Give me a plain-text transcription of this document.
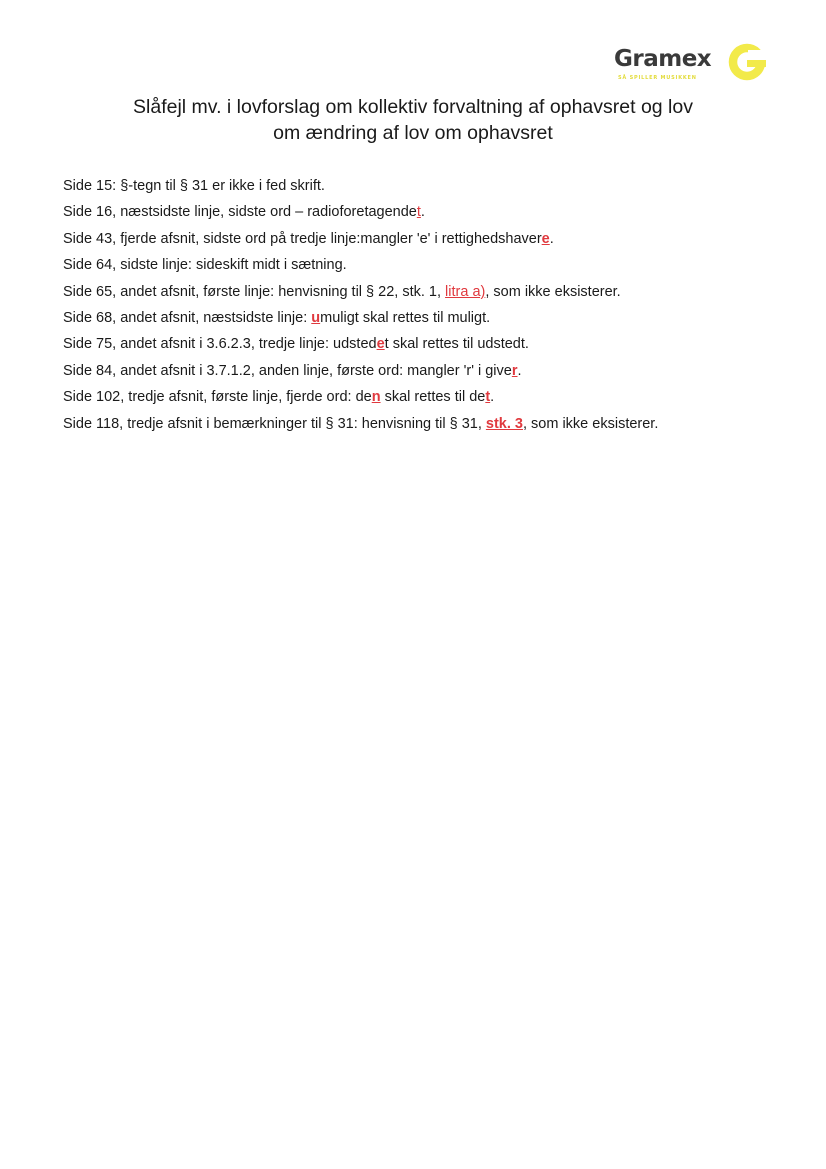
Gramex
SÅ SPILLER MUSIKKEN
Slåfejl mv. i lovforslag om kollektiv forvaltning af ophavsret og lov
om ændring af lov om ophavsret
Side 15: §-tegn til § 31 er ikke i fed skrift.
Side 16, næstsidste linje, sidste ord – radioforetagendet.
Side 43, fjerde afsnit, sidste ord på tredje linje:mangler 'e' i rettighedshavere.
Side 64, sidste linje: sideskift midt i sætning.
Side 65, andet afsnit, første linje: henvisning til § 22, stk. 1, litra a), som ikke eksisterer.
Side 68, andet afsnit, næstsidste linje: umuligt skal rettes til muligt.
Side 75, andet afsnit i 3.6.2.3, tredje linje: udstedet skal rettes til udstedt.
Side 84, andet afsnit i 3.7.1.2, anden linje, første ord: mangler 'r' i giver.
Side 102, tredje afsnit, første linje, fjerde ord: den skal rettes til det.
Side 118, tredje afsnit i bemærkninger til § 31: henvisning til § 31, stk. 3, som ikke eksisterer.
